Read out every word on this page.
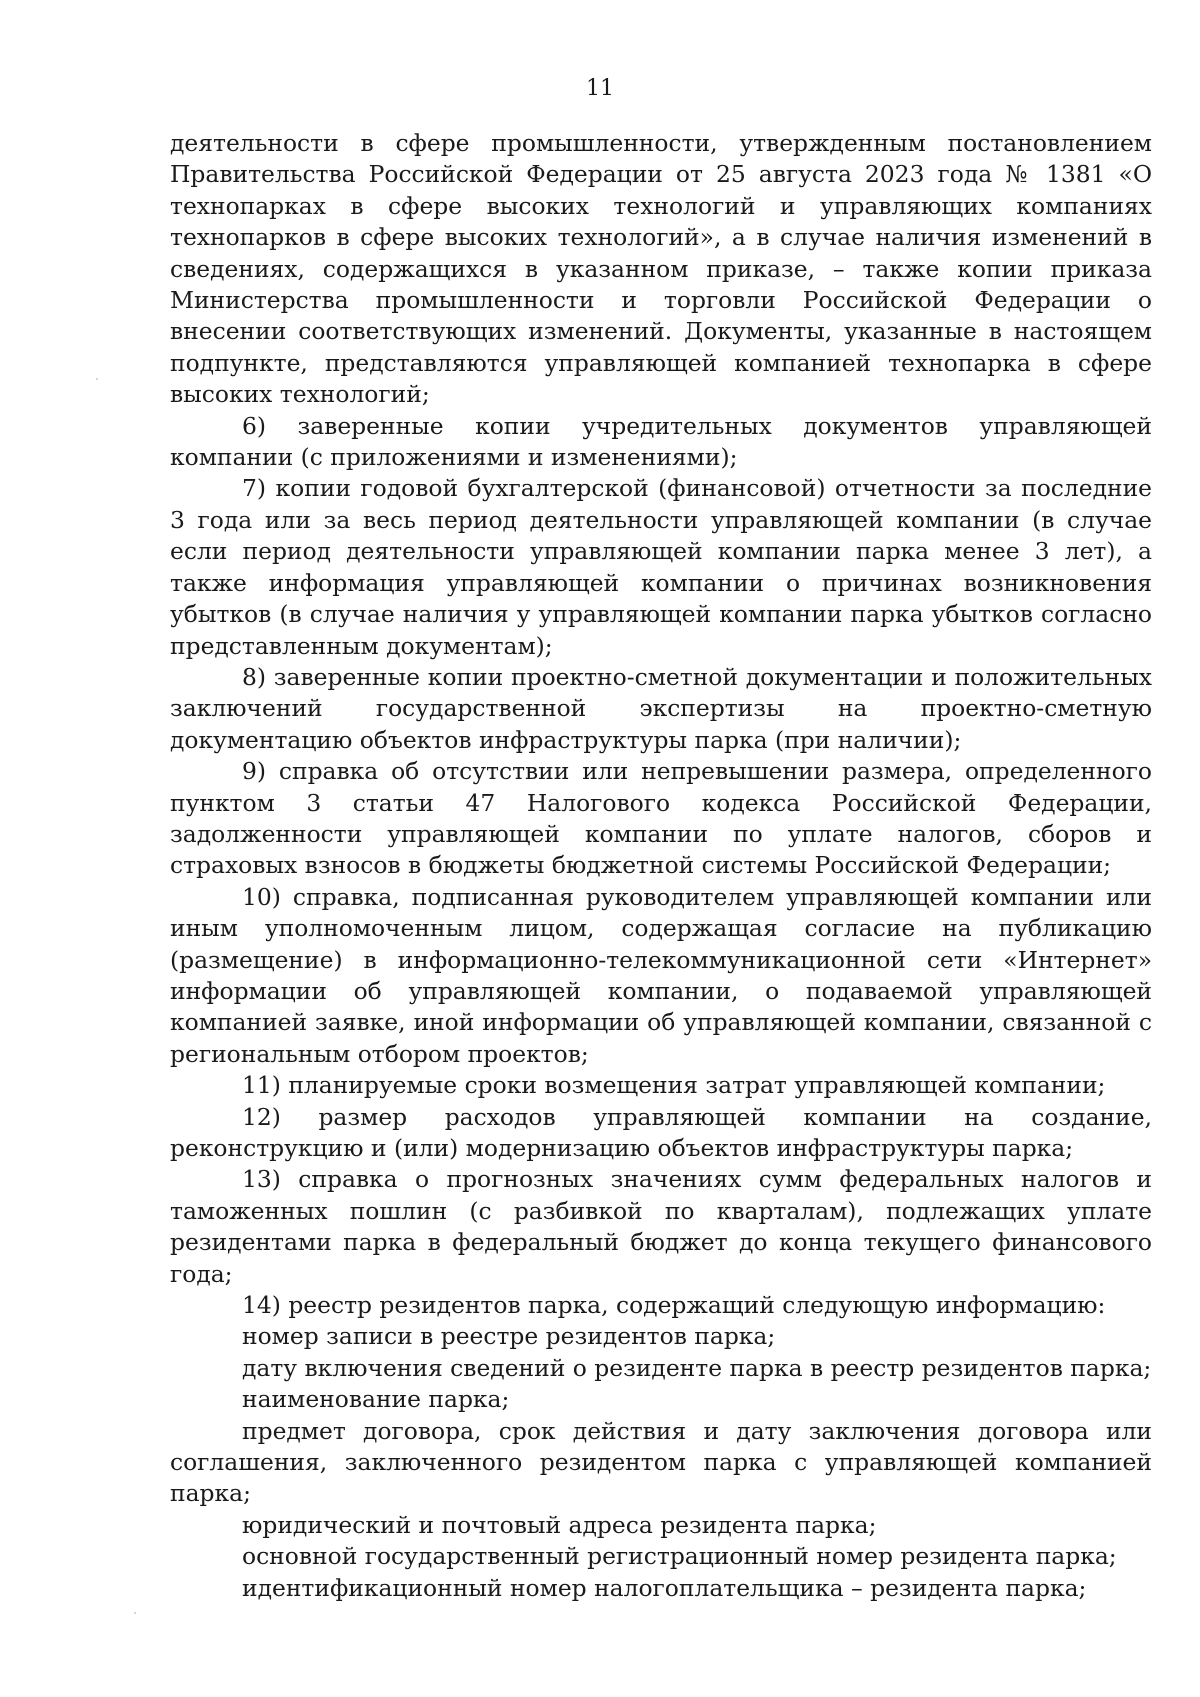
11

деятельности в сфере промышленности, утвержденным постановлением Правительства Российской Федерации от 25 августа 2023 года № 1381 «О технопарках в сфере высоких технологий и управляющих компаниях технопарков в сфере высоких технологий», а в случае наличия изменений в сведениях, содержащихся в указанном приказе, – также копии приказа Министерства промышленности и торговли Российской Федерации о внесении соответствующих изменений. Документы, указанные в настоящем подпункте, представляются управляющей компанией технопарка в сфере высоких технологий;

6) заверенные копии учредительных документов управляющей компании (с приложениями и изменениями);

7) копии годовой бухгалтерской (финансовой) отчетности за последние 3 года или за весь период деятельности управляющей компании (в случае если период деятельности управляющей компании парка менее 3 лет), а также информация управляющей компании о причинах возникновения убытков (в случае наличия у управляющей компании парка убытков согласно представленным документам);

8) заверенные копии проектно-сметной документации и положительных заключений государственной экспертизы на проектно-сметную документацию объектов инфраструктуры парка (при наличии);

9) справка об отсутствии или непревышении размера, определенного пунктом 3 статьи 47 Налогового кодекса Российской Федерации, задолженности управляющей компании по уплате налогов, сборов и страховых взносов в бюджеты бюджетной системы Российской Федерации;

10) справка, подписанная руководителем управляющей компании или иным уполномоченным лицом, содержащая согласие на публикацию (размещение) в информационно-телекоммуникационной сети «Интернет» информации об управляющей компании, о подаваемой управляющей компанией заявке, иной информации об управляющей компании, связанной с региональным отбором проектов;

11) планируемые сроки возмещения затрат управляющей компании;

12) размер расходов управляющей компании на создание, реконструкцию и (или) модернизацию объектов инфраструктуры парка;

13) справка о прогнозных значениях сумм федеральных налогов и таможенных пошлин (с разбивкой по кварталам), подлежащих уплате резидентами парка в федеральный бюджет до конца текущего финансового года;

14) реестр резидентов парка, содержащий следующую информацию:

номер записи в реестре резидентов парка;

дату включения сведений о резиденте парка в реестр резидентов парка;

наименование парка;

предмет договора, срок действия и дату заключения договора или соглашения, заключенного резидентом парка с управляющей компанией парка;

юридический и почтовый адреса резидента парка;

основной государственный регистрационный номер резидента парка;

идентификационный номер налогоплательщика – резидента парка;
